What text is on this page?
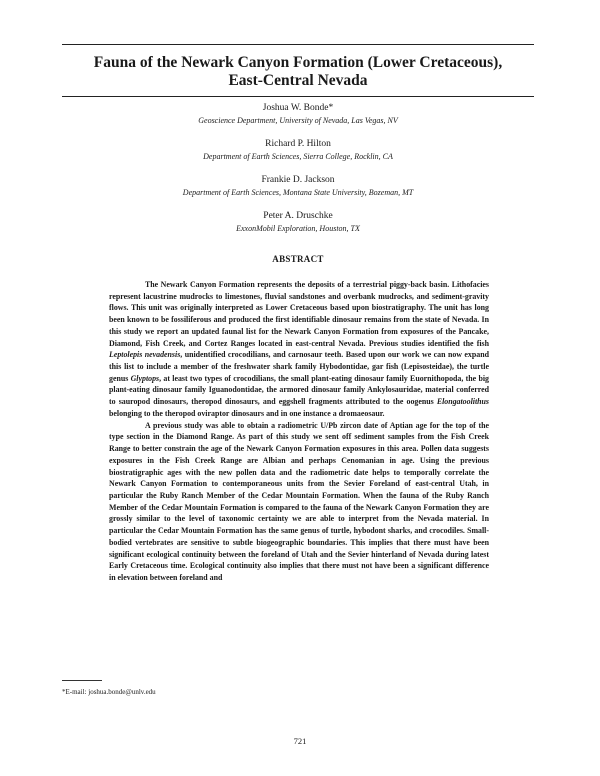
Fauna of the Newark Canyon Formation (Lower Cretaceous),
East-Central Nevada
Joshua W. Bonde*
Geoscience Department, University of Nevada, Las Vegas, NV
Richard P. Hilton
Department of Earth Sciences, Sierra College, Rocklin, CA
Frankie D. Jackson
Department of Earth Sciences, Montana State University, Bozeman, MT
Peter A. Druschke
ExxonMobil Exploration, Houston, TX
ABSTRACT

The Newark Canyon Formation represents the deposits of a terrestrial piggy-back basin. Lithofacies represent lacustrine mudrocks to limestones, fluvial sandstones and overbank mudrocks, and sediment-gravity flows. This unit was originally interpreted as Lower Cretaceous based upon biostratigraphy. The unit has long been known to be fossiliferous and produced the first identifiable dinosaur remains from the state of Nevada. In this study we report an updated faunal list for the Newark Canyon Formation from exposures of the Pancake, Diamond, Fish Creek, and Cortez Ranges located in east-central Nevada. Previous studies identified the fish Leptolepis nevadensis, unidentified crocodilians, and carnosaur teeth. Based upon our work we can now expand this list to include a member of the freshwater shark family Hybodontidae, gar fish (Lepisosteidae), the turtle genus Glyptops, at least two types of crocodilians, the small plant-eating dinosaur family Euornithopoda, the big plant-eating dinosaur family Iguanodontidae, the armored dinosaur family Ankylosauridae, material conferred to sauropod dinosaurs, theropod dinosaurs, and eggshell fragments attributed to the oogenus Elongatoolithus belonging to the theropod oviraptor dinosaurs and in one instance a dromaeosaur.

A previous study was able to obtain a radiometric U/Pb zircon date of Aptian age for the top of the type section in the Diamond Range. As part of this study we sent off sediment samples from the Fish Creek Range to better constrain the age of the Newark Canyon Formation exposures in this area. Pollen data suggests exposures in the Fish Creek Range are Albian and perhaps Cenomanian in age. Using the previous biostratigraphic ages with the new pollen data and the radiometric date helps to temporally correlate the Newark Canyon Formation to contemporaneous units from the Sevier Foreland of east-central Utah, in particular the Ruby Ranch Member of the Cedar Mountain Formation. When the fauna of the Ruby Ranch Member of the Cedar Mountain Formation is compared to the fauna of the Newark Canyon Formation they are grossly similar to the level of taxonomic certainty we are able to interpret from the Nevada material. In particular the Cedar Mountain Formation has the same genus of turtle, hybodont sharks, and crocodiles. Small-bodied vertebrates are sensitive to subtle biogeographic boundaries. This implies that there must have been significant ecological continuity between the foreland of Utah and the Sevier hinterland of Nevada during latest Early Cretaceous time. Ecological continuity also implies that there must not have been a significant difference in elevation between foreland and

*E-mail: joshua.bonde@unlv.edu
721
